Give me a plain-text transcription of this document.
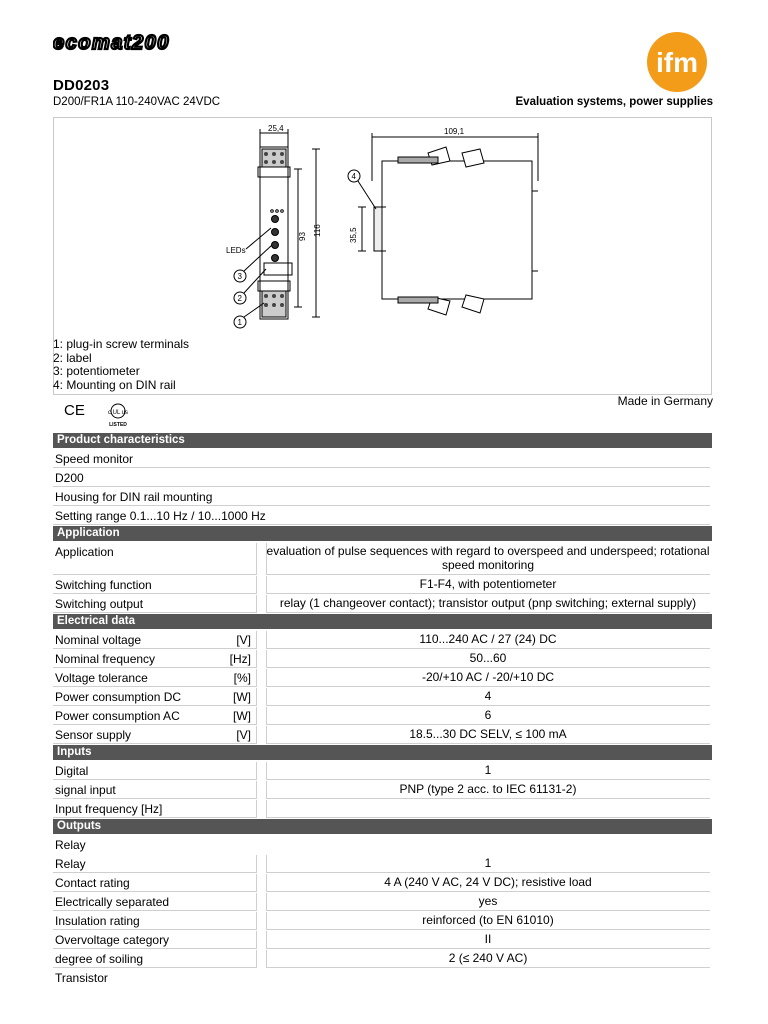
ecomat200
ifm
DD0203
D200/FR1A 110-240VAC 24VDC	Evaluation systems, power supplies
25,4
93 116
LEDs
3
2
1
109,1
35,5
4
1: plug-in screw terminals
2: label
3: potentiometer
4: Mounting on DIN rail
Made in Germany
CE	c UL us
LISTED
Product characteristics
Speed monitor
D200
Housing for DIN rail mounting
Setting range 0.1...10 Hz / 10...1000 Hz
Application
Application	evaluation of pulse sequences with regard to overspeed and underspeed; rotational speed monitoring
Switching function	F1-F4, with potentiometer
Switching output	relay (1 changeover contact); transistor output (pnp switching; external supply)
Electrical data
Nominal voltage	[V]	110...240 AC / 27 (24) DC
Nominal frequency	[Hz]	50...60
Voltage tolerance	[%]	-20/+10 AC / -20/+10 DC
Power consumption DC	[W]	4
Power consumption AC	[W]	6
Sensor supply	[V]	18.5...30 DC SELV, ≤ 100 mA
Inputs
Digital	1
signal input	PNP (type 2 acc. to IEC 61131-2)
Input frequency [Hz]
Outputs
Relay
Relay	1
Contact rating	4 A (240 V AC, 24 V DC); resistive load
Electrically separated	yes
Insulation rating	reinforced (to EN 61010)
Overvoltage category	II
degree of soiling	2 (≤ 240 V AC)
Transistor
